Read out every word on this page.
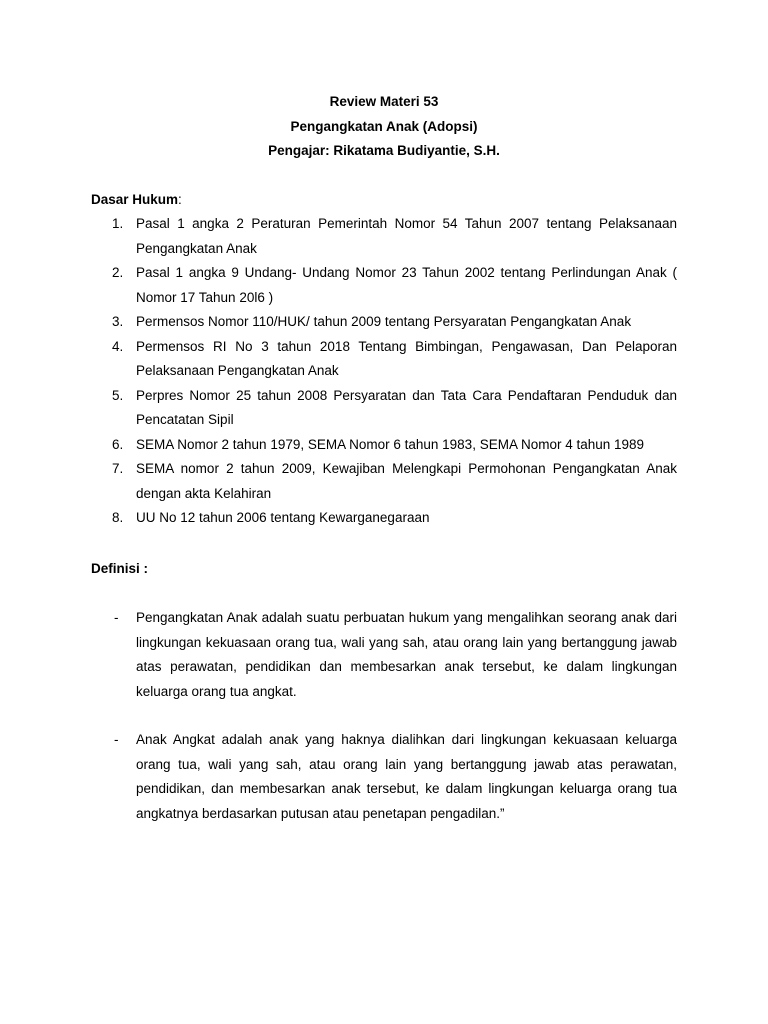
Review Materi 53
Pengangkatan Anak (Adopsi)
Pengajar: Rikatama Budiyantie, S.H.
Dasar Hukum:
1. Pasal 1 angka 2 Peraturan Pemerintah Nomor 54 Tahun 2007 tentang Pelaksanaan Pengangkatan Anak
2. Pasal 1 angka 9 Undang- Undang Nomor 23 Tahun 2002 tentang Perlindungan Anak ( Nomor 17 Tahun 20l6 )
3. Permensos Nomor 110/HUK/ tahun 2009 tentang Persyaratan Pengangkatan Anak
4. Permensos RI No 3 tahun 2018 Tentang Bimbingan, Pengawasan, Dan Pelaporan Pelaksanaan Pengangkatan Anak
5. Perpres Nomor 25 tahun 2008 Persyaratan dan Tata Cara Pendaftaran Penduduk dan Pencatatan Sipil
6. SEMA Nomor 2 tahun 1979, SEMA Nomor 6 tahun 1983, SEMA Nomor 4 tahun 1989
7. SEMA nomor 2 tahun 2009, Kewajiban Melengkapi Permohonan Pengangkatan Anak dengan akta Kelahiran
8. UU No 12 tahun 2006 tentang Kewarganegaraan
Definisi :
- Pengangkatan Anak adalah suatu perbuatan hukum yang mengalihkan seorang anak dari lingkungan kekuasaan orang tua, wali yang sah, atau orang lain yang bertanggung jawab atas perawatan, pendidikan dan membesarkan anak tersebut, ke dalam lingkungan keluarga orang tua angkat.
- Anak Angkat adalah anak yang haknya dialihkan dari lingkungan kekuasaan keluarga orang tua, wali yang sah, atau orang lain yang bertanggung jawab atas perawatan, pendidikan, dan membesarkan anak tersebut, ke dalam lingkungan keluarga orang tua angkatnya berdasarkan putusan atau penetapan pengadilan.”
